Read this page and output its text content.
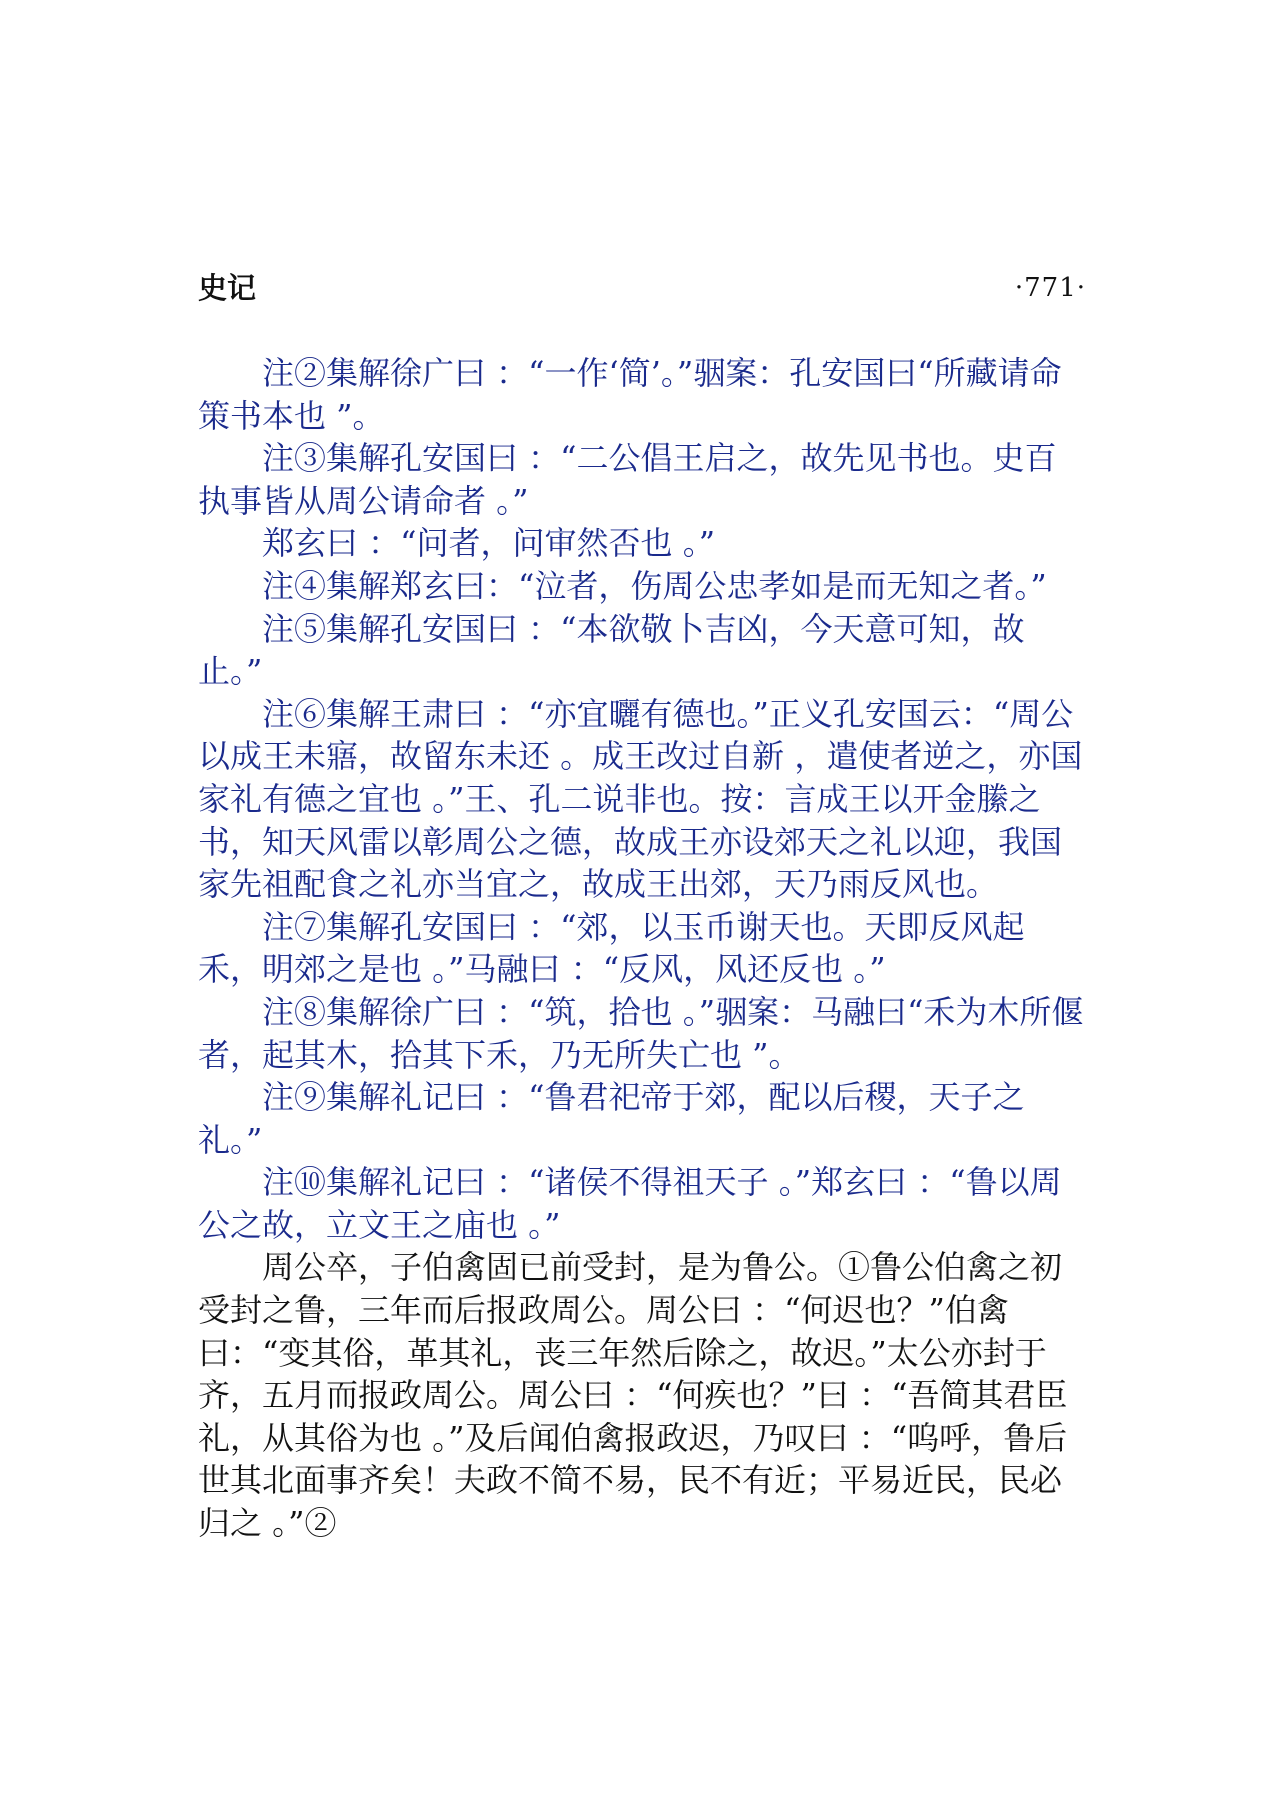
史记	·771·

注②集解徐广曰 ：“一作‘简’。”骃案：孔安国曰“所藏请命策书本也 ”。

注③集解孔安国曰 ：“二公倡王启之，故先见书也。史百执事皆从周公请命者 。”

郑玄曰 ：“问者，问审然否也 。”

注④集解郑玄曰：“泣者，伤周公忠孝如是而无知之者。”

注⑤集解孔安国曰 ：“本欲敬卜吉凶，今天意可知，故止。”

注⑥集解王肃曰 ：“亦宜曬有德也。”正义孔安国云：“周公以成王未寤，故留东未还 。成王改过自新 ，遣使者逆之，亦国家礼有德之宜也 。”王、孔二说非也。按：言成王以开金縢之书，知天风雷以彰周公之德，故成王亦设郊天之礼以迎，我国家先祖配食之礼亦当宜之，故成王出郊，天乃雨反风也。

注⑦集解孔安国曰 ：“郊，以玉币谢天也。天即反风起禾，明郊之是也 。”马融曰 ：“反风，风还反也 。”

注⑧集解徐广曰 ：“筑，拾也 。”骃案：马融曰“禾为木所偃者，起其木，拾其下禾，乃无所失亡也 ”。

注⑨集解礼记曰 ：“鲁君祀帝于郊，配以后稷，天子之礼。”

注⑩集解礼记曰 ：“诸侯不得祖天子 。”郑玄曰 ：“鲁以周公之故，立文王之庙也 。”

周公卒，子伯禽固已前受封，是为鲁公。①鲁公伯禽之初受封之鲁，三年而后报政周公。周公曰 ：“何迟也？”伯禽曰：“变其俗，革其礼，丧三年然后除之，故迟。”太公亦封于齐，五月而报政周公。周公曰 ：“何疾也？”曰 ：“吾简其君臣礼，从其俗为也 。”及后闻伯禽报政迟，乃叹曰 ：“呜呼，鲁后世其北面事齐矣！夫政不简不易，民不有近；平易近民，民必归之 。”②
